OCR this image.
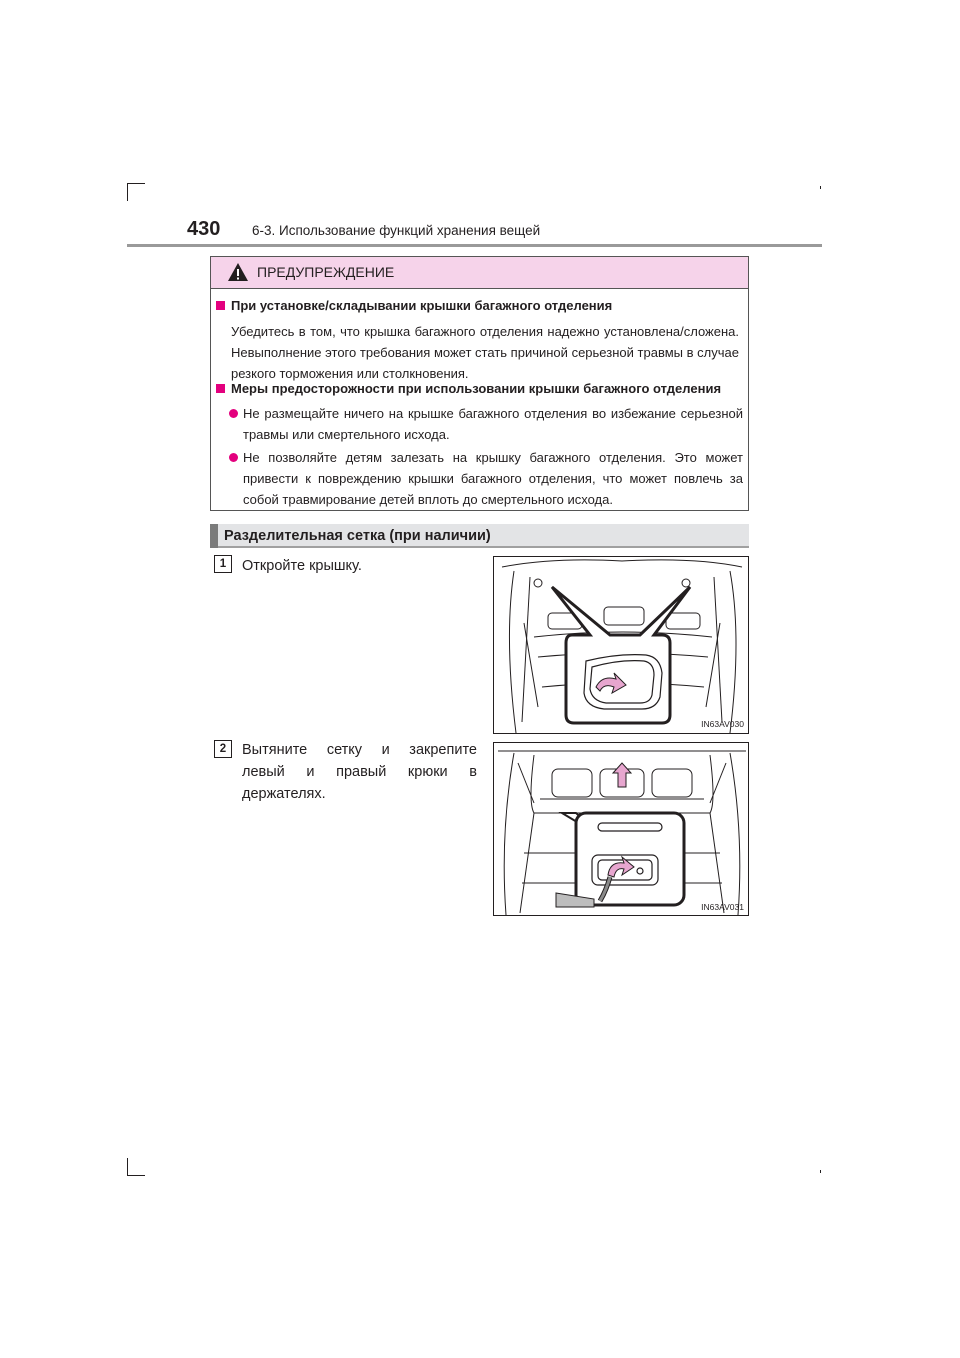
430 6-3. Использование функций хранения вещей
ПРЕДУПРЕЖДЕНИЕ
При установке/складывании крышки багажного отделения
Убедитесь в том, что крышка багажного отделения надежно установлена/сложена. Невыполнение этого требования может стать причиной серьезной травмы в случае резкого торможения или столкновения.
Меры предосторожности при использовании крышки багажного отделения
Не размещайте ничего на крышке багажного отделения во избежание серьезной травмы или смертельного исхода.
Не позволяйте детям залезать на крышку багажного отделения. Это может привести к повреждению крышки багажного отделения, что может повлечь за собой травмирование детей вплоть до смертельного исхода.
Разделительная сетка (при наличии)
1	Откройте крышку.
IN63AV030
2	Вытяните сетку и закрепите левый и правый крюки в держателях.
IN63AV031
